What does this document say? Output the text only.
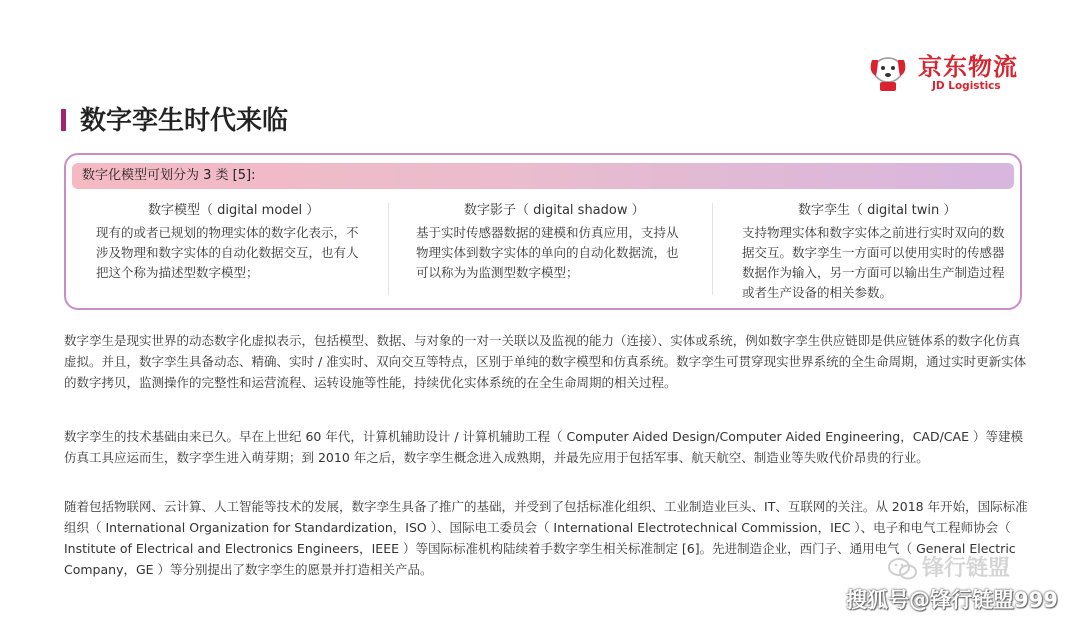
京东物流
JD Logistics
数字孪生时代来临
数字化模型可划分为 3 类 [5]:
数字模型（ digital model ）
现有的或者已规划的物理实体的数字化表示，不涉及物理和数字实体的自动化数据交互，也有人把这个称为描述型数字模型；
数字影子（ digital shadow ）
基于实时传感器数据的建模和仿真应用，支持从物理实体到数字实体的单向的自动化数据流，也可以称为为监测型数字模型；
数字孪生（ digital twin ）
支持物理实体和数字实体之前进行实时双向的数据交互。数字孪生一方面可以使用实时的传感器数据作为输入，另一方面可以输出生产制造过程或者生产设备的相关参数。

数字孪生是现实世界的动态数字化虚拟表示，包括模型、数据、与对象的一对一关联以及监视的能力（连接）、实体或系统，例如数字孪生供应链即是供应链体系的数字化仿真虚拟。并且，数字孪生具备动态、精确、实时 / 准实时、双向交互等特点，区别于单纯的数字模型和仿真系统。数字孪生可贯穿现实世界系统的全生命周期，通过实时更新实体的数字拷贝，监测操作的完整性和运营流程、运转设施等性能，持续优化实体系统的在全生命周期的相关过程。

数字孪生的技术基础由来已久。早在上世纪 60 年代，计算机辅助设计 / 计算机辅助工程（ Computer Aided Design/Computer Aided Engineering，CAD/CAE ）等建模仿真工具应运而生，数字孪生进入萌芽期；到 2010 年之后，数字孪生概念进入成熟期，并最先应用于包括军事、航天航空、制造业等失败代价昂贵的行业。

随着包括物联网、云计算、人工智能等技术的发展，数字孪生具备了推广的基础，并受到了包括标准化组织、工业制造业巨头、IT、互联网的关注。从 2018 年开始，国际标准组织（ International Organization for Standardization，ISO ）、国际电工委员会（ International Electrotechnical Commission，IEC ）、电子和电气工程师协会（ Institute of Electrical and Electronics Engineers，IEEE ）等国际标准机构陆续着手数字孪生相关标准制定 [6]。先进制造企业，西门子、通用电气（ General Electric Company，GE ）等分别提出了数字孪生的愿景并打造相关产品。	锋行链盟
搜狐号@锋行链盟999
